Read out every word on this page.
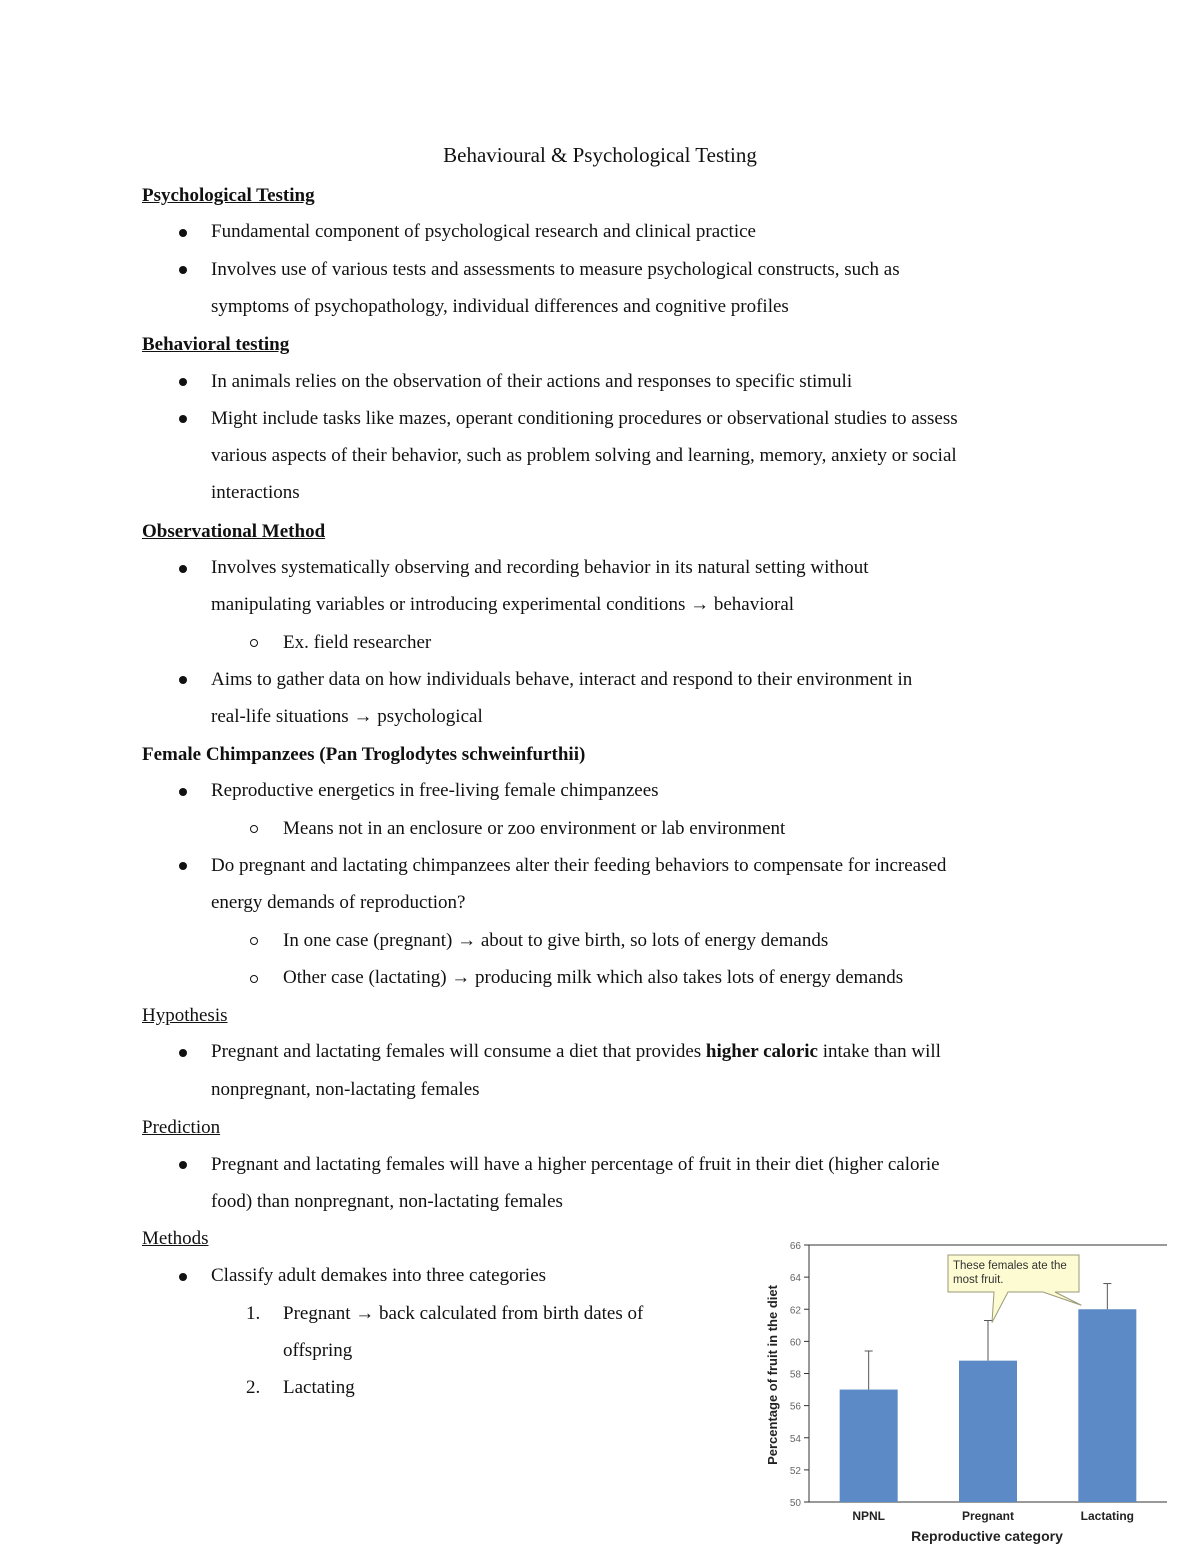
Behavioural & Psychological Testing
Psychological Testing
Fundamental component of psychological research and clinical practice
Involves use of various tests and assessments to measure psychological constructs, such as
symptoms of psychopathology, individual differences and cognitive profiles
Behavioral testing
In animals relies on the observation of their actions and responses to specific stimuli
Might include tasks like mazes, operant conditioning procedures or observational studies to assess
various aspects of their behavior, such as problem solving and learning, memory, anxiety or social
interactions
Observational Method
Involves systematically observing and recording behavior in its natural setting without
manipulating variables or introducing experimental conditions → behavioral
Ex. field researcher
Aims to gather data on how individuals behave, interact and respond to their environment in
real-life situations → psychological
Female Chimpanzees (Pan Troglodytes schweinfurthii)
Reproductive energetics in free-living female chimpanzees
Means not in an enclosure or zoo environment or lab environment
Do pregnant and lactating chimpanzees alter their feeding behaviors to compensate for increased
energy demands of reproduction?
In one case (pregnant) → about to give birth, so lots of energy demands
Other case (lactating) → producing milk which also takes lots of energy demands
Hypothesis
Pregnant and lactating females will consume a diet that provides higher caloric intake than will
nonpregnant, non-lactating females
Prediction
Pregnant and lactating females will have a higher percentage of fruit in their diet (higher calorie
food) than nonpregnant, non-lactating females
Methods
Classify adult demakes into three categories
1. Pregnant → back calculated from birth dates of
offspring
2. Lactating	Percentage of fruit in the diet
Reproductive category
50
52
54
56
58
60
62
64
66
NPNL	Pregnant	Lactating
These females ate the
most fruit.
